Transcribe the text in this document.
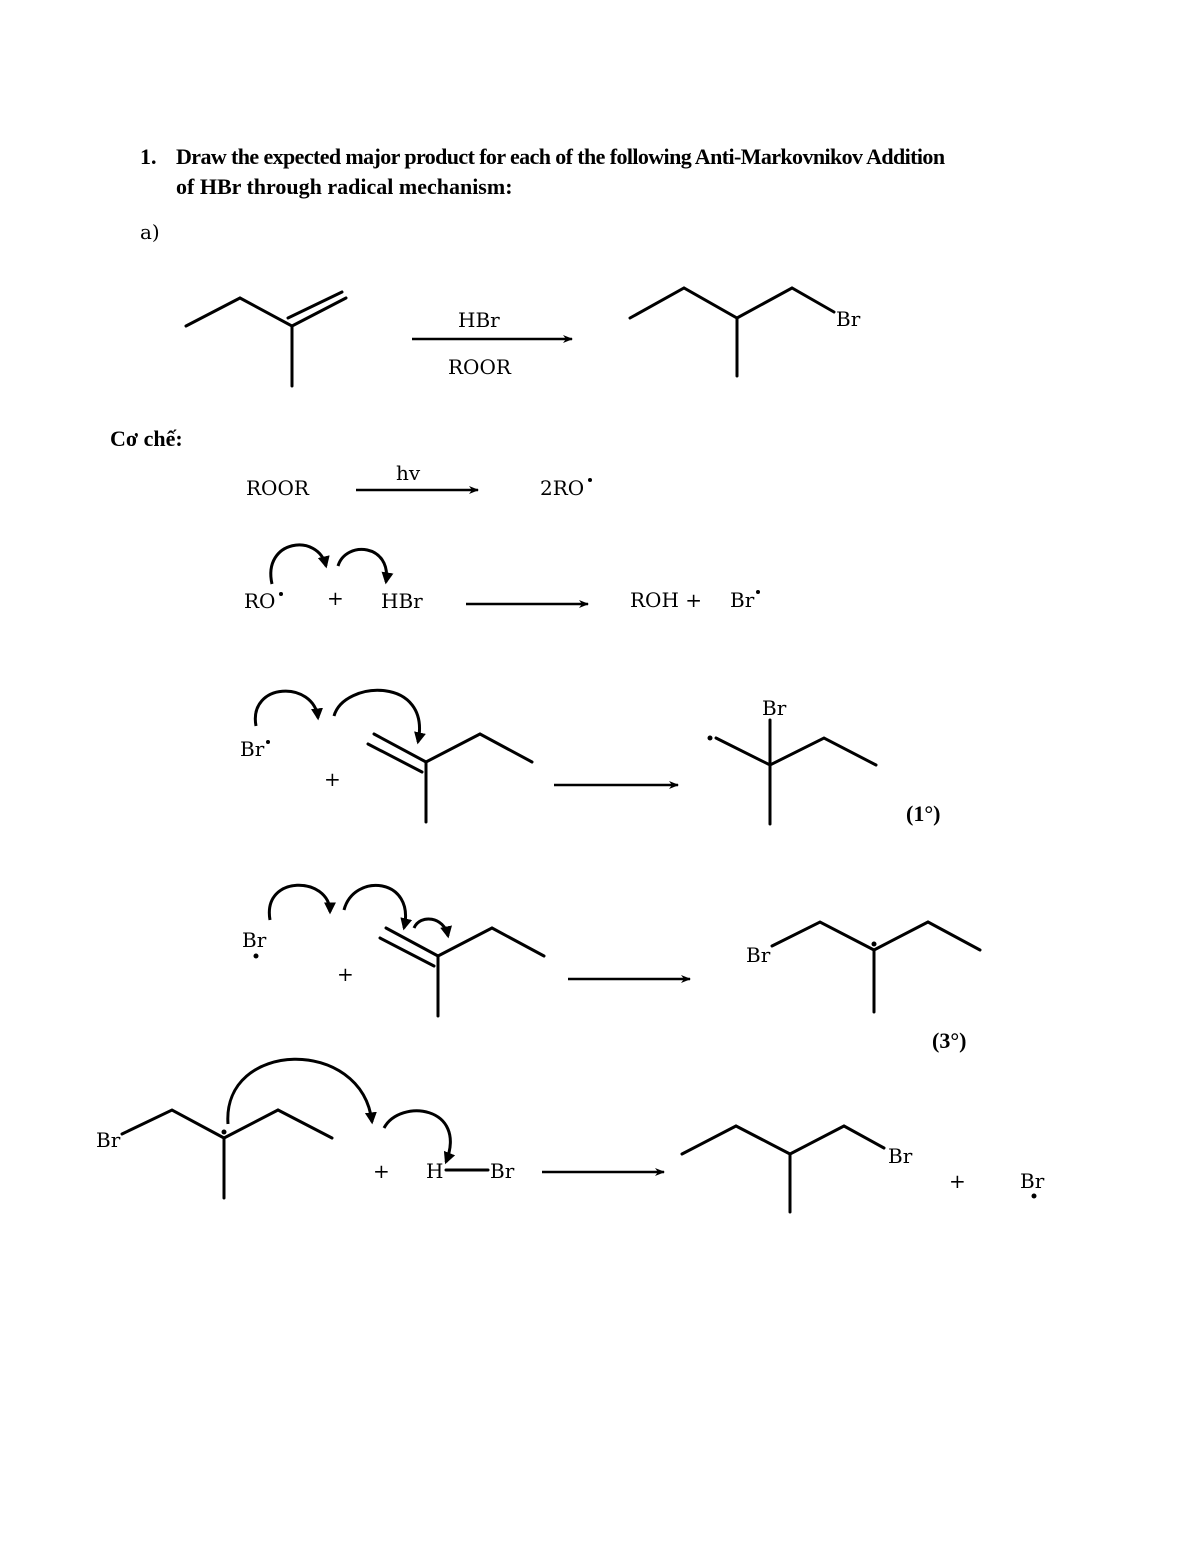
1. Draw the expected major product for each of the following Anti-Markovnikov Addition
of HBr through radical mechanism:
a)
Cơ chế:
HBr
ROOR
Br
ROOR
hv
2RO
RO	+ HBr	ROH + Br
Br
+
Br
(1°)
Br
+
Br
(3°)
Br
+ H Br
Br
+	Br
